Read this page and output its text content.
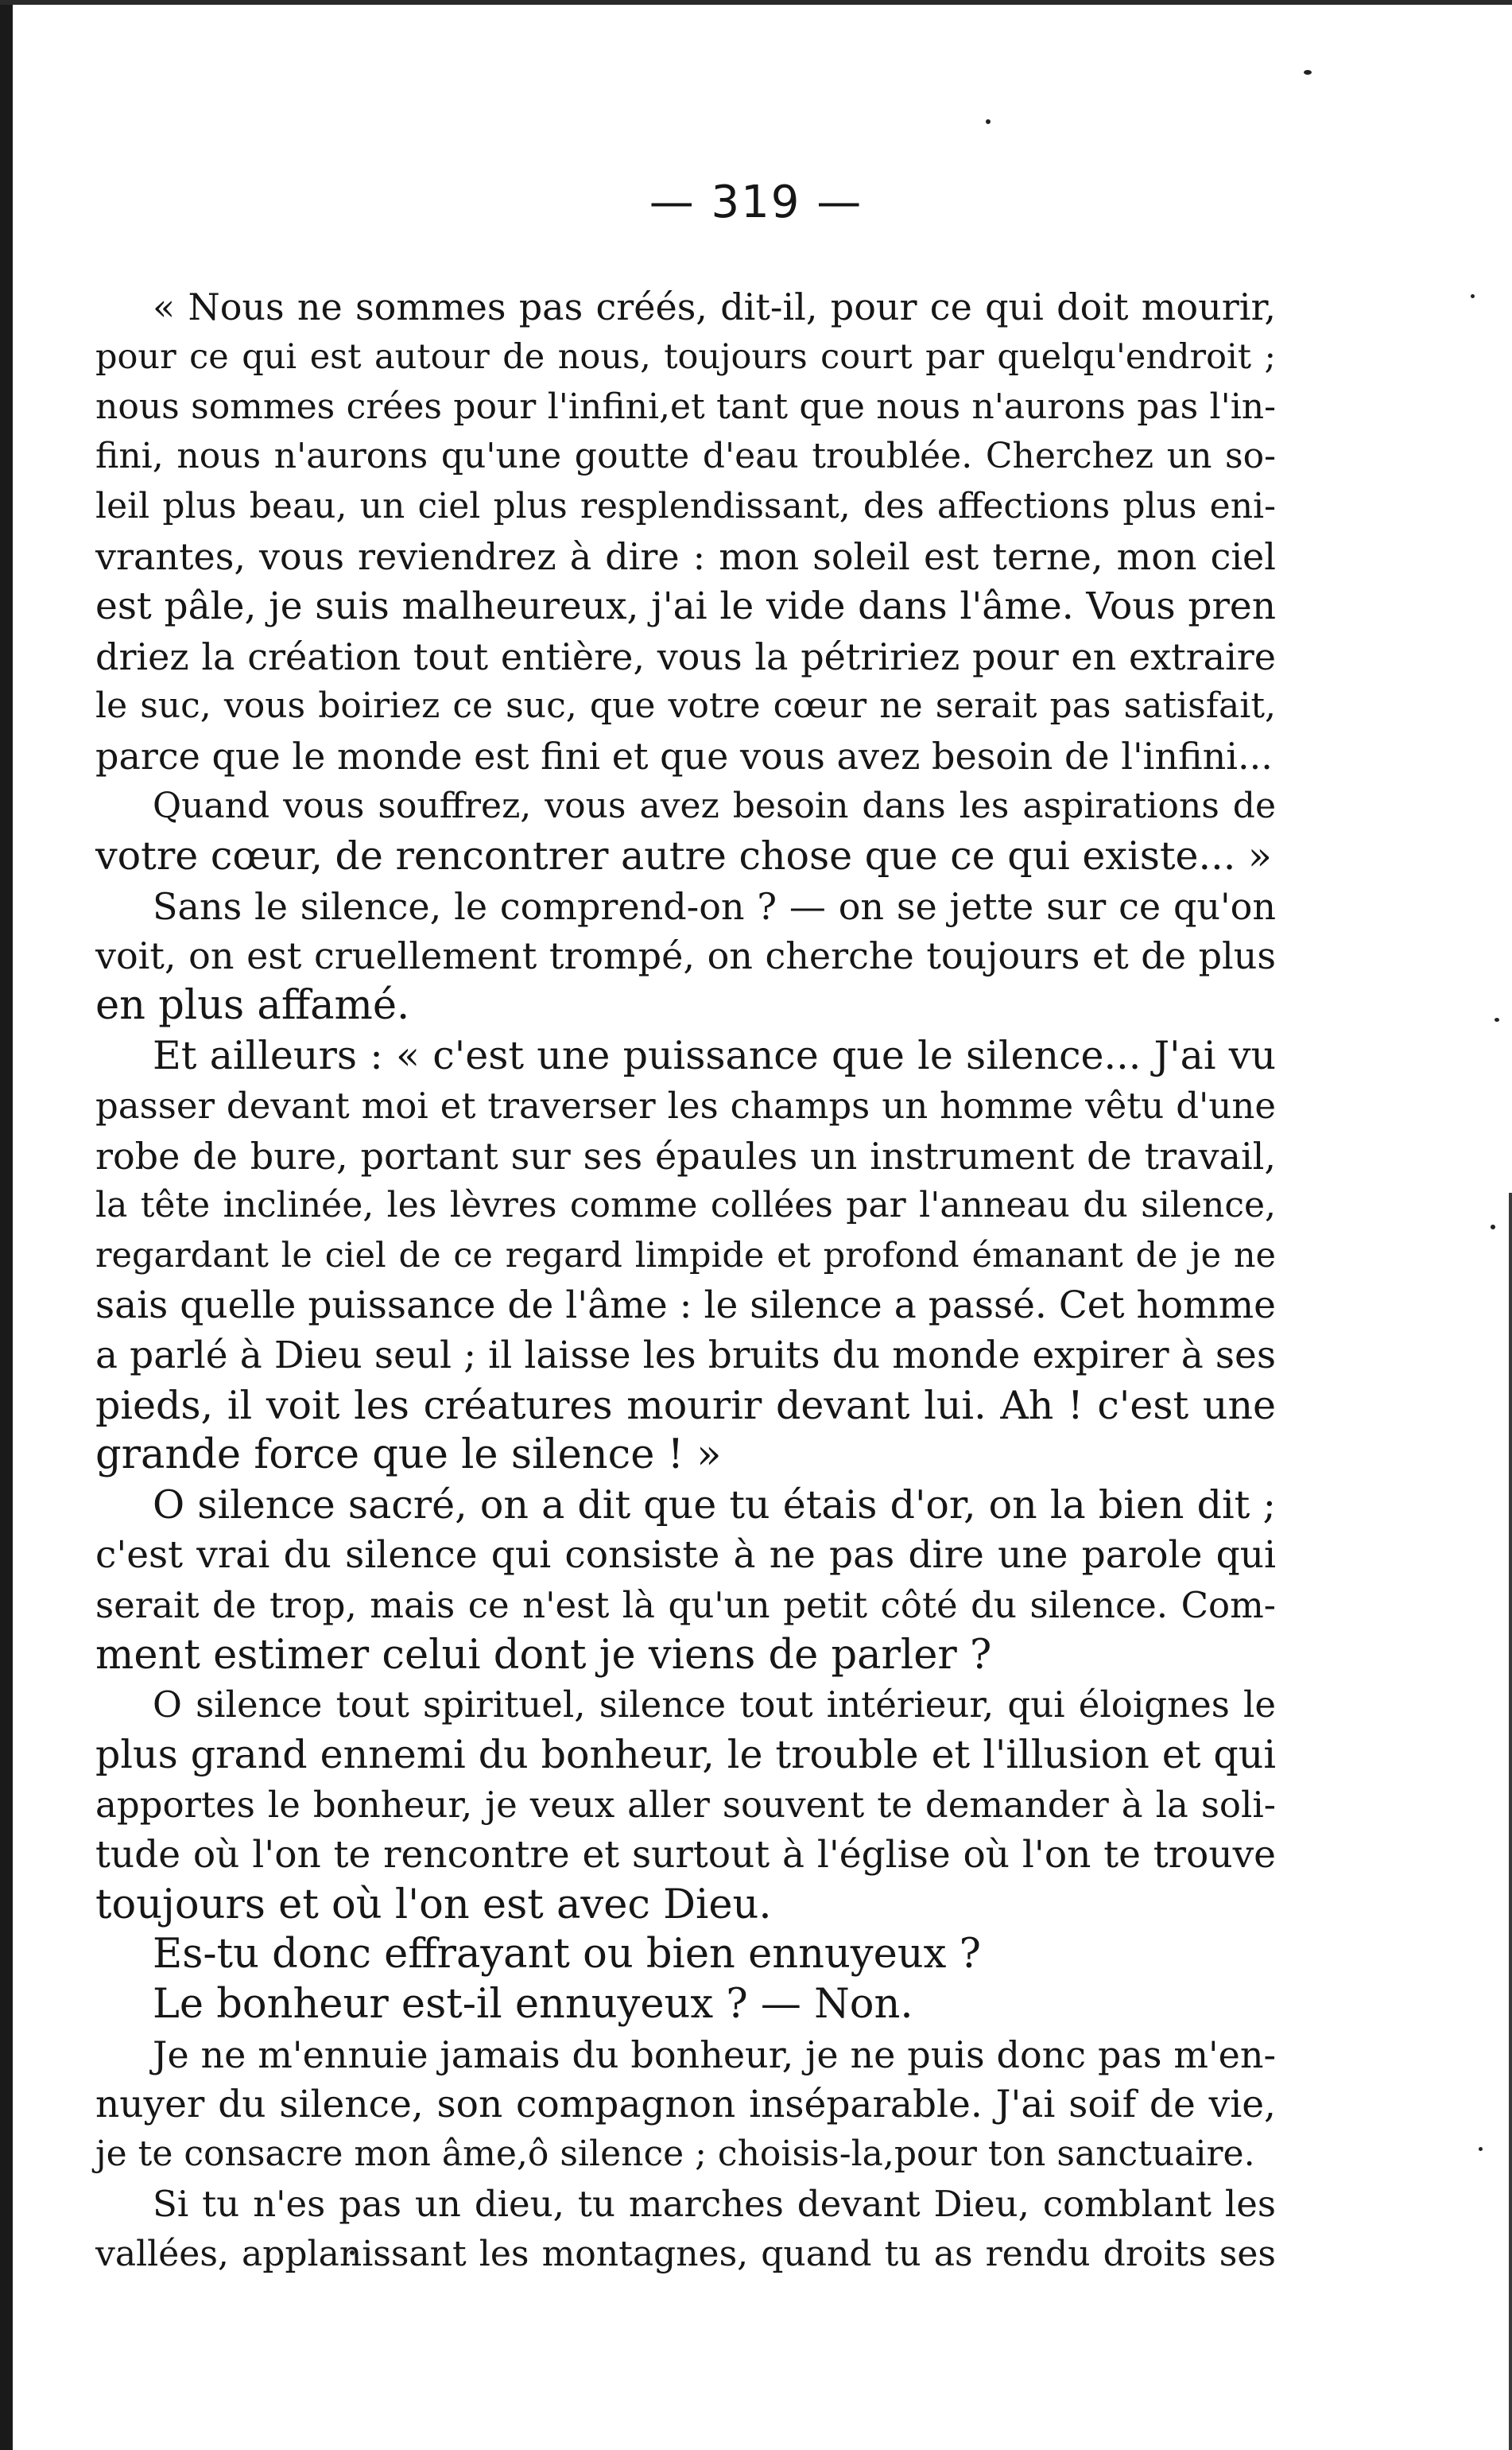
— 319 —
« Nous ne sommes pas créés, dit-il, pour ce qui doit mourir,
pour ce qui est autour de nous, toujours court par quelqu'endroit ;
nous sommes crées pour l'infini,et tant que nous n'aurons pas l'in-
fini, nous n'aurons qu'une goutte d'eau troublée. Cherchez un so-
leil plus beau, un ciel plus resplendissant, des affections plus eni-
vrantes, vous reviendrez à dire : mon soleil est terne, mon ciel
est pâle, je suis malheureux, j'ai le vide dans l'âme. Vous pren
driez la création tout entière, vous la pétririez pour en extraire
le suc, vous boiriez ce suc, que votre cœur ne serait pas satisfait,
parce que le monde est fini et que vous avez besoin de l'infini...
Quand vous souffrez, vous avez besoin dans les aspirations de
votre cœur, de rencontrer autre chose que ce qui existe... »
Sans le silence, le comprend-on ? — on se jette sur ce qu'on
voit, on est cruellement trompé, on cherche toujours et de plus
en plus affamé.
Et ailleurs : « c'est une puissance que le silence... J'ai vu
passer devant moi et traverser les champs un homme vêtu d'une
robe de bure, portant sur ses épaules un instrument de travail,
la tête inclinée, les lèvres comme collées par l'anneau du silence,
regardant le ciel de ce regard limpide et profond émanant de je ne
sais quelle puissance de l'âme : le silence a passé. Cet homme
a parlé à Dieu seul ; il laisse les bruits du monde expirer à ses
pieds, il voit les créatures mourir devant lui. Ah ! c'est une
grande force que le silence ! »
O silence sacré, on a dit que tu étais d'or, on la bien dit ;
c'est vrai du silence qui consiste à ne pas dire une parole qui
serait de trop, mais ce n'est là qu'un petit côté du silence. Com-
ment estimer celui dont je viens de parler ?
O silence tout spirituel, silence tout intérieur, qui éloignes le
plus grand ennemi du bonheur, le trouble et l'illusion et qui
apportes le bonheur, je veux aller souvent te demander à la soli-
tude où l'on te rencontre et surtout à l'église où l'on te trouve
toujours et où l'on est avec Dieu.
Es-tu donc effrayant ou bien ennuyeux ?
Le bonheur est-il ennuyeux ? — Non.
Je ne m'ennuie jamais du bonheur, je ne puis donc pas m'en-
nuyer du silence, son compagnon inséparable. J'ai soif de vie,
je te consacre mon âme,ô silence ; choisis-la,pour ton sanctuaire.
Si tu n'es pas un dieu, tu marches devant Dieu, comblant les
vallées, applanissant les montagnes, quand tu as rendu droits ses
